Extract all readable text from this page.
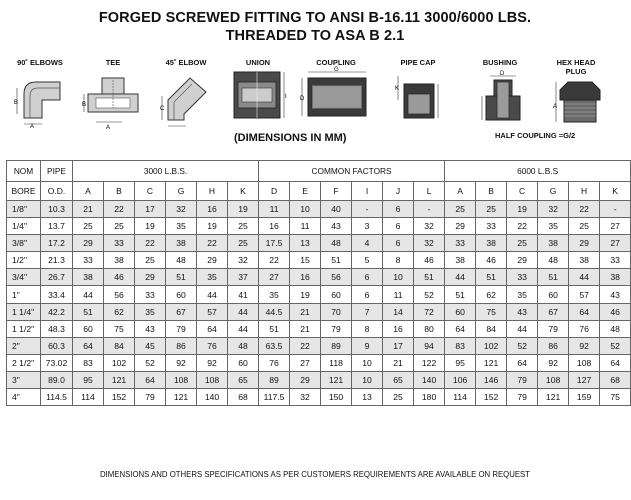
FORGED SCREWED FITTING TO ANSI B-16.11 3000/6000 LBS.
THREADED TO ASA B 2.1
90˚ ELBOWS	TEE	45˚ ELBOW	UNION	COUPLING	PIPE CAP	BUSHING	HEX HEAD PLUG
B
A
B
A
C
I
G
D
K
D
A
(DIMENSIONS IN MM)	HALF COUPLING =G/2
NOM	PIPE	3000 L.B.S.						COMMON FACTORS						6000 L.B.S					
BORE	O.D.	A	B	C	G	H	K	D	E	F	I	J	L	A	B	C	G	H	K
1/8"	10.3	21	22	17	32	16	19	11	10	40	-	6	-	25	25	19	32	22	-
1/4"	13.7	25	25	19	35	19	25	16	11	43	3	6	32	29	33	22	35	25	27
3/8"	17.2	29	33	22	38	22	25	17.5	13	48	4	6	32	33	38	25	38	29	27
1/2"	21.3	33	38	25	48	29	32	22	15	51	5	8	46	38	46	29	48	38	33
3/4"	26.7	38	46	29	51	35	37	27	16	56	6	10	51	44	51	33	51	44	38
1"	33.4	44	56	33	60	44	41	35	19	60	6	11	52	51	62	35	60	57	43
1 1/4"	42.2	51	62	35	67	57	44	44.5	21	70	7	14	72	60	75	43	67	64	46
1 1/2"	48.3	60	75	43	79	64	44	51	21	79	8	16	80	64	84	44	79	76	48
2"	60.3	64	84	45	86	76	48	63.5	22	89	9	17	94	83	102	52	86	92	52
2 1/2"	73.02	83	102	52	92	92	60	76	27	118	10	21	122	95	121	64	92	108	64
3"	89.0	95	121	64	108	108	65	89	29	121	10	65	140	106	146	79	108	127	68
4"	114.5	114	152	79	121	140	68	117.5	32	150	13	25	180	114	152	79	121	159	75
DIMENSIONS AND OTHERS SPECIFICATIONS AS PER CUSTOMERS REQUIREMENTS ARE AVAILABLE ON REQUEST
